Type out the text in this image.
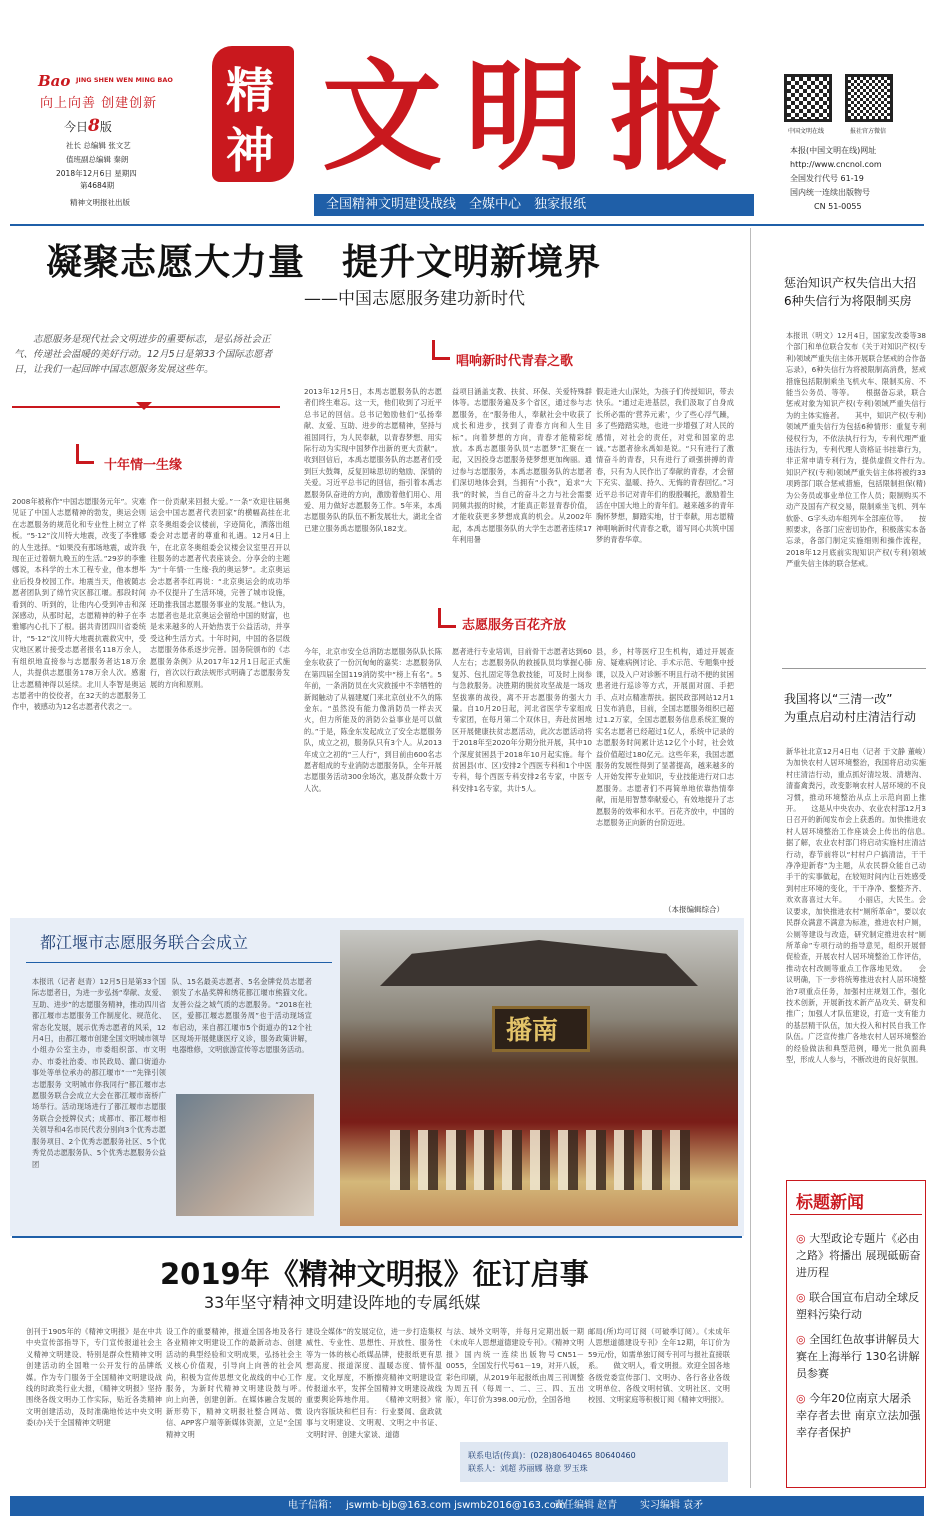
Bao JING SHEN WEN MING BAO
向上向善 创建创新
今日8版
社长 总编辑 张文艺
值班副总编辑 秦朗
2018年12月6日 星期四
第4684期
精神文明报社出版
精
神 文 明 报
全国精神文明建设战线　 全媒中心　 独家报纸
中国文明在线	报社官方微信
本报(中国文明在线)网址
http://www.cncnol.com
全国发行代号 61-19
国内统一连续出版物号
CN 51-0055
凝聚志愿大力量　提升文明新境界
——中国志愿服务建功新时代
志愿服务是现代社会文明进步的重要标志，是弘扬社会正气、传递社会温暖的美好行动。12月5日是第33个国际志愿者日，让我们一起回眸中国志愿服务发展这些年。
十年情一生缘
唱响新时代青春之歌
志愿服务百花齐放
2008年被称作“中国志愿服务元年”。灾难见证了中国人志愿精神的勃发，奥运会则在志愿服务的规范化和专业性上树立了样板。“5·12”汶川特大地震，改变了李雅娜的人生选择。“如果没有那场地震，或许我现在正过着朝九晚五的生活。”29岁的李雅娜说，本科学的土木工程专业，他本想毕业后投身校园工作。地震当天，他被随志愿者团队到了绵竹灾区都江堰。那段时间看到的、听到的，让他内心受到冲击和深深感动，从那时起，志愿精神的种子在李雅娜内心扎下了根。据共青团四川省委统计，“5·12”汶川特大地震抗震救灾中，受灾地区累计接受志愿者报名118万余人，有组织地直接参与志愿服务者达18万余人，共提供志愿服务178万余人次。感谢让志愿精神得以延续。北川人李智是奥运志愿者中的佼佼者，在32天的志愿服务工作中，被感动为12名志愿者代表之一。
作一份贡献来回报大爱。”一条“欢迎往届奥运会中国志愿者代表回家”的横幅高挂在北京冬奥组委会议楼前，字迹简化，洒落出组委会对志愿者的尊重和礼遇。12月4日上午，在北京冬奥组委会议楼会议室里召开以往服务的志愿者代表座谈会。分享会的主题为“十年情·一生缘·我的奥运梦”。北京奥运会志愿者李红再说：“北京奥运会的成功举办不仅提升了生活环境，完善了城市设施，还助推我国志愿服务事业的发展。”他认为，志愿者也是北京奥运会留给中国的财富，也是未来越多的人开始热衷于公益活动，并享受这种生活方式。十年时间，中国的各层级志愿服务体系逐步完善。国务院颁布的《志愿服务条例》从2017年12月1日起正式施行，首次以行政法规形式明确了志愿服务发展的方向和原则。
2013年12月5日，本馬志愿服务队的志愿者们终生难忘。这一天，他们收到了习近平总书记的回信。总书记勉励他们“弘扬奉献、友爱、互助、进步的志愿精神，坚持与祖国同行，为人民奉献，以青春梦想、用实际行动为实现中国梦作出新的更大贡献”。收到回信后，本禹志愿服务队的志愿者们受到巨大鼓舞，反复回味思切的勉励、深情的关爱。习近平总书记的回信，指引着本禹志愿服务队奋进的方向，激励着他们用心、用爱、用力做好志愿服务工作。5年来，本禹志愿服务队的队伍不断发展壮大，湖北全省已建立服务禹志愿服务队182支。
益项目涵盖支教、扶贫、环保、关爱特殊群体等。志愿服务遍及多个省区，通过参与志愿服务，在“服务他人，奉献社会中收获了成长和进步，找到了青春方向和人生目标”。向着梦想的方向，青春才能精彩绽放。本禹志愿服务队员“志愿梦”汇聚在一起，又因投身志愿服务使梦想更加绚丽。通过参与志愿服务，本禹志愿服务队的志愿者们深切地体会到，当拥有“小我”，追求“大我”的时候，当自己的奋斗之力与社会需要同频共振的时候，才能真正彰显青春价值，才能收获更多梦想成真的机会。从2002年起，本禹志愿服务队的大学生志愿者连续17年利用暑
假走进大山深处，为孩子们传授知识，带去快乐。“通过走进基层，我们汲取了自身成长所必需的‘营养元素’，少了些心浮气躁，多了些踏踏实地，也进一步增强了对人民的感情，对社会的责任，对党和国家的忠诚。”志愿者徐永禹如是说。“只有进行了激情奋斗的青春，只有进行了顽强拼搏的青春，只有为人民作出了奉献的青春，才会留下充实、温暖、持久、无悔的青春回忆。”习近平总书记对青年们的殷殷嘱托，激励着生活在中国大地上的青年们。越来越多的青年胸怀梦想，脚踏实地，甘于奉献，用志愿精神唱响新时代青春之歌，谱写同心共筑中国梦的青春华章。
今年，北京市安全总消防志愿服务队队长陈金东收获了一份沉甸甸的嘉奖：志愿服务队在第四届全国119消防奖中“榜上有名”。5年前，一条消防员在火灾救援中不幸牺牲的新闻触动了从福建厦门来北京创业不久的陈金东。“虽然没有能力像消防员一样去灭火，但力所能及的消防公益事业是可以做的。”于是，陈金东发起成立了安全志愿服务队，成立之初，服务队只有3个人。从2013年成立之初的“三人行”，到目前由600名志愿者组成的专业消防志愿服务队，全年开展志愿服务活动300余场次，惠及群众数十万人次。
愿者进行专业培训，目前骨干志愿者达到60人左右；志愿服务队的救援队员均掌握心肺复苏、包扎固定等急救技能，可及时上岗参与急救服务。决胜期的脱贫攻坚战是一场攻坚拔寨的战役，离不开志愿服务的强大力量。自10月20日起，河北省医学专家组成专家团，在每月第二个双休日，奔赴贫困地区开展健康扶贫志愿活动，此次志愿活动将于2018年至2020年分期分批开展，其中10个深度贫困县于2018年10月起实施。每个贫困县(市、区)安排2个西医专科和1个中医专科，每个西医专科安排2名专家，中医专科安排1名专家，共计5人。
县，乡，村等医疗卫生机构，通过开展查房、疑难病例讨论、手术示范、专题集中授课，以及入户对诊断不明且行动不便的贫困患者进行巡诊等方式，开展面对面、手把手、点对点精准帮扶。据民政部网站12月1日发布消息，目前，全国志愿服务组织已超过1.2万家，全国志愿服务信息系统汇聚的实名志愿者已经超过1亿人，系统中记录的志愿服务时间累计达12亿个小时，社会效益价值超过180亿元。这些年来，我国志愿服务的发展性得到了显著提高，越来越多的人开始发挥专业知识，专业技能进行对口志愿服务。志愿者们不再简单地依靠热情奉献，而是用智慧奉献爱心，有效地提升了志愿服务的效率和水平。百花齐放中，中国的志愿服务正向新的台阶迈进。
（本报编辑综合）
都江堰市志愿服务联合会成立
本报讯（记者 赵青）12月5日是第33个国际志愿者日，为进一步弘扬“奉献、友爱、互助、进步”的志愿服务精神，推动四川省都江堰市志愿服务工作制度化、规范化、常态化发展，展示优秀志愿者的风采，12月4日，由都江堰市创建全国文明城市领导小组办公室主办，市委组织部、市文明办、市委社治委、市民政局、灌口街道办事处等单位承办的都江堰市“一”先锋引领志愿服务 文明城市你我同行”都江堰市志愿服务联合会成立大会在都江堰市南桥广场举行。活动现场进行了都江堰市志愿服务联合会授牌仪式；成都市、都江堰市相关领导和4名市民代表分别向3个优秀志愿服务项目、2个优秀志愿服务社区、5个优秀党员志愿服务队、5个优秀志愿服务公益团
队、15名最美志愿者、5名金牌党员志愿者颁发了水晶奖牌和绣花都江堰市熊猫文化。友善公益之城气质的志愿服务。“2018在社区，爱都江堰志愿服务周”也于活动现场宣布启动，来自都江堰市5个街道办的12个社区现场开展健康医疗义诊，服务政策讲解，电器维修，文明旅游宣传等志愿服务活动。
播南
2019年《精神文明报》征订启事
33年坚守精神文明建设阵地的专属纸媒
创刊于1905年的《精神文明报》是在中共中央宣传部指导下，专门宣传报道社会主义精神文明建设、特别是群众性精神文明创建活动的全国唯一公开发行的品牌纸媒。作为专门服务于全国精神文明建设战线的时政类行业大报，《精神文明报》坚持围绕各级文明办工作实际，贴近各类精神文明创建活动，及时准确地传达中央文明委(办)关于全国精神文明建
设工作的重要精神，报道全国各地及各行各业精神文明建设工作的最新动态、创建活动的典型经验和文明成果，弘扬社会主义核心价值观，引导向上向善的社会风尚，积极为宣传思想文化战线的中心工作服务，为新时代精神文明建设鼓与呼。　　向上向善，创建创新。在媒体融合发展的新形势下，精神文明报社整合网站、微信、APP客户端等新媒体资源，立足“全国精神文明
建设全媒体”的发展定位，进一步打造集权威性、专业性、思想性、开放性、服务性等为一体的核心纸媒品牌，使报纸更有思想高度、报道深度、温暖态度、情怀温度。文化厚度，不断擦亮精神文明建设宣传报道水平，发挥全国精神文明建设战线重要舆论阵地作用。　　《精神文明报》常设内容版块和栏目有：行业要闻、盘政就事与文明建设、文明观、文明之中书证、文明时评、创建大家谈、道德
与法、域外文明等，并每月定期出版一期《未成年人思想道德建设专刊》。《精神文明报》国内统一连续出版物号CN51－0055，全国发行代号61－19，对开八版，彩色印刷，从2019年起报纸由周三刊调整为周五刊（每周一、二、三、四、五出版），年订价为398.00元/份，全国各地
邮局(所)均可订阅（可破季订阅）。《未成年人思想道德建设专刊》全年12期，年订价为59元/份，如需单独订阅专刊可与报社直接联系。　　做文明人，看文明报。欢迎全国各地各级党委宣传部门、文明办、各行各业各级文明单位、各级文明村镇、文明社区、文明校园、文明家庭等积极订阅《精神文明报》。
联系电话(传真)：(028)80640465 80640460
联系人：刘超 苏丽娜 骆意 罗玉珠
惩治知识产权失信出大招
6种失信行为将限制买房
本报讯（明文）12月4日，国家发改委等38个部门和单位联合发布《关于对知识产权(专利)领域严重失信主体开展联合惩戒的合作备忘录》，6种失信行为将被限制高消费，惩戒措施包括限制乘坐飞机火车、限制买房、不能当公务员、等等。　　根据备忘录，联合惩戒对象为知识产权(专利)领域严重失信行为的主体实施者。　　其中，知识产权(专利)领域严重失信行为包括6种情形：重复专利侵权行为，不依法执行行为，专利代理严重违法行为，专利代理人资格证书挂靠行为，非正常申请专利行为，提供虚假文件行为。　　知识产权(专利)领域严重失信主体将被约33项跨部门联合惩戒措施，包括限制担保(精)为公务员或事业单位工作人员；限制购买不动产及国有产权交易，限制乘坐飞机、列车软卧、G字头动车组列车全部座位等。　　按照要求，各部门应密切协作，积极落实本备忘录，各部门制定实施细则和操作流程，2018年12月底前实现知识产权(专利)领域严重失信主体的联合惩戒。
我国将以“三清一改”
为重点启动村庄清洁行动
新华社北京12月4日电（记者 于文静 董峻）为加快农村人居环境整治，我国将启动实施村庄清洁行动，重点抓好清垃圾、清塘沟、清畜禽粪污，改变影响农村人居环境的不良习惯，推动环境整治从点上示范向面上推开。　　这是从中央农办、农业农村部12月3日召开的新闻发布会上获悉的。加快推进农村人居环境整治工作座谈会上传出的信息。　　据了解，农业农村部门将启动实施村庄清洁行动，春节前将以“村村户户搞清洁，干干净净迎新春”为主题，从农民群众能自己动手干的实事做起，在较短时间内让百姓感受到村庄环境的变化，干干净净、整整齐齐、欢欢喜喜过大年。　　小丽店，大民生。会议要求，加快推进农村“厕所革命”，要以农民群众满意不满意为标准，推进农村户厕，公厕等建设与改造，研究制定推进农村“厕所革命”专项行动的指导意见，组织开展督促检查，开展农村人居环境整治工作评估，推动农村改厕等重点工作落地见效。　　会议明确，下一步将统筹推进农村人居环境整治7项重点任务，加强村庄规划工作，强化技术创新，开展新技术新产品攻关、研发和推广；加强人才队伍建设，打造一支有能力的基层精干队伍，加大投入和村民自我工作队伍。广泛宣传推广各地农村人居环境整治的经验做法和典型范例，曝光一批负面典型，形成人人参与，不断改进的良好氛围。
标题新闻
◎ 大型政论专题片《必由之路》将播出 展现砥砺奋进历程
◎ 联合国宣布启动全球反塑料污染行动
◎ 全国红色故事讲解员大赛在上海举行 130名讲解员参赛
◎ 今年20位南京大屠杀幸存者去世 南京立法加强幸存者保护
电子信箱： jswmb-bjb@163.com jswmb2016@163.com
责任编辑 赵青 实习编辑 袁矛
